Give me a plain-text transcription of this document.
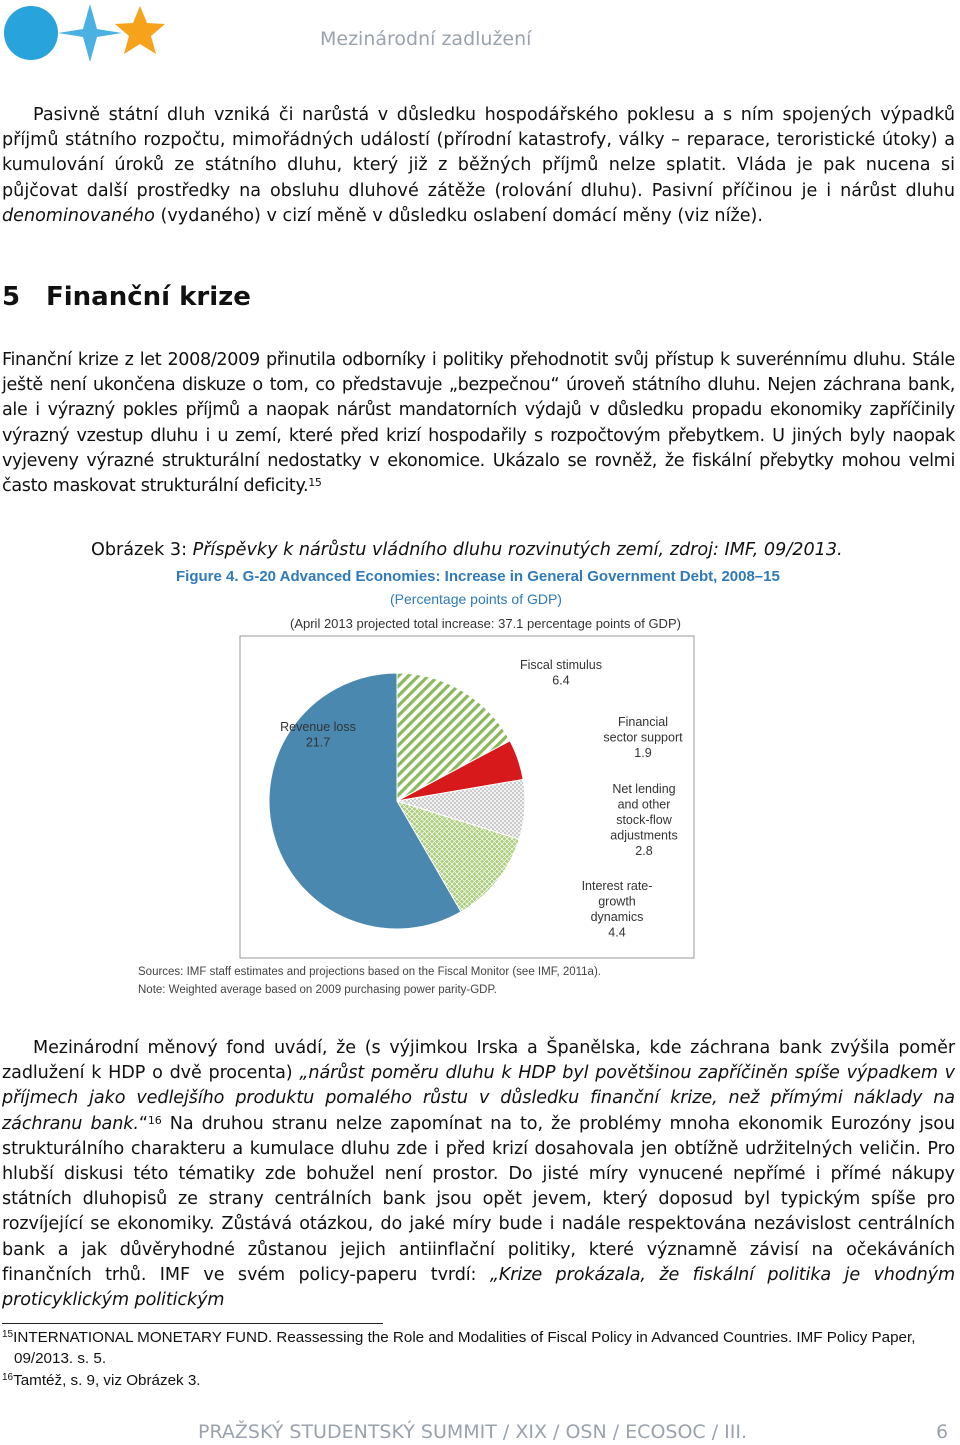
Mezinárodní zadlužení

Pasivně státní dluh vzniká či narůstá v důsledku hospodářského poklesu a s ním spojených výpadků příjmů státního rozpočtu, mimořádných událostí (přírodní katastrofy, války – reparace, teroristické útoky) a kumulování úroků ze státního dluhu, který již z běžných příjmů nelze splatit. Vláda je pak nucena si půjčovat další prostředky na obsluhu dluhové zátěže (rolování dluhu). Pasivní příčinou je i nárůst dluhu denominovaného (vydaného) v cizí měně v důsledku oslabení domácí měny (viz níže).

5 Finanční krize

Finanční krize z let 2008/2009 přinutila odborníky i politiky přehodnotit svůj přístup k suverénnímu dluhu. Stále ještě není ukončena diskuze o tom, co představuje „bezpečnou“ úroveň státního dluhu. Nejen záchrana bank, ale i výrazný pokles příjmů a naopak nárůst mandatorních výdajů v důsledku propadu ekonomiky zapříčinily výrazný vzestup dluhu i u zemí, které před krizí hospodařily s rozpočtovým přebytkem. U jiných byly naopak vyjeveny výrazné strukturální nedostatky v ekonomice. Ukázalo se rovněž, že fiskální přebytky mohou velmi často maskovat strukturální deficity.$^{15}$

Obrázek 3: Příspěvky k nárůstu vládního dluhu rozvinutých zemí, zdroj: IMF, 09/2013.

Figure 4. G-20 Advanced Economies: Increase in General Government Debt, 2008–15
(Percentage points of GDP)
(April 2013 projected total increase: 37.1 percentage points of GDP)
Revenue loss
21.7
Fiscal stimulus
6.4
Financial
sector support
1.9
Net lending
and other
stock-flow
adjustments
2.8
Interest rate-
growth
dynamics
4.4
Sources: IMF staff estimates and projections based on the Fiscal Monitor (see IMF, 2011a).
Note: Weighted average based on 2009 purchasing power parity-GDP.

Mezinárodní měnový fond uvádí, že (s výjimkou Irska a Španělska, kde záchrana bank zvýšila poměr zadlužení k HDP o dvě procenta) „nárůst poměru dluhu k HDP byl povětšinou zapříčiněn spíše výpadkem v příjmech jako vedlejšího produktu pomalého růstu v důsledku finanční krize, než přímými náklady na záchranu bank.“$^{16}$ Na druhou stranu nelze zapomínat na to, že problémy mnoha ekonomik Eurozóny jsou strukturálního charakteru a kumulace dluhu zde i před krizí dosahovala jen obtížně udržitelných veličin. Pro hlubší diskusi této tématiky zde bohužel není prostor. Do jisté míry vynucené nepřímé i přímé nákupy státních dluhopisů ze strany centrálních bank jsou opět jevem, který doposud byl typickým spíše pro rozvíjející se ekonomiky. Zůstává otázkou, do jaké míry bude i nadále respektována nezávislost centrálních bank a jak důvěryhodné zůstanou jejich antiinflační politiky, které významně závisí na očekáváních finančních trhů. IMF ve svém policy-paperu tvrdí: „Krize prokázala, že fiskální politika je vhodným proticyklickým politickým

$^{15}$INTERNATIONAL MONETARY FUND. Reassessing the Role and Modalities of Fiscal Policy in Advanced Countries. IMF Policy Paper, 09/2013. s. 5.

$^{16}$Tamtéž, s. 9, viz Obrázek 3.

PRAŽSKÝ STUDENTSKÝ SUMMIT / XIX / OSN / ECOSOC / III.	6
